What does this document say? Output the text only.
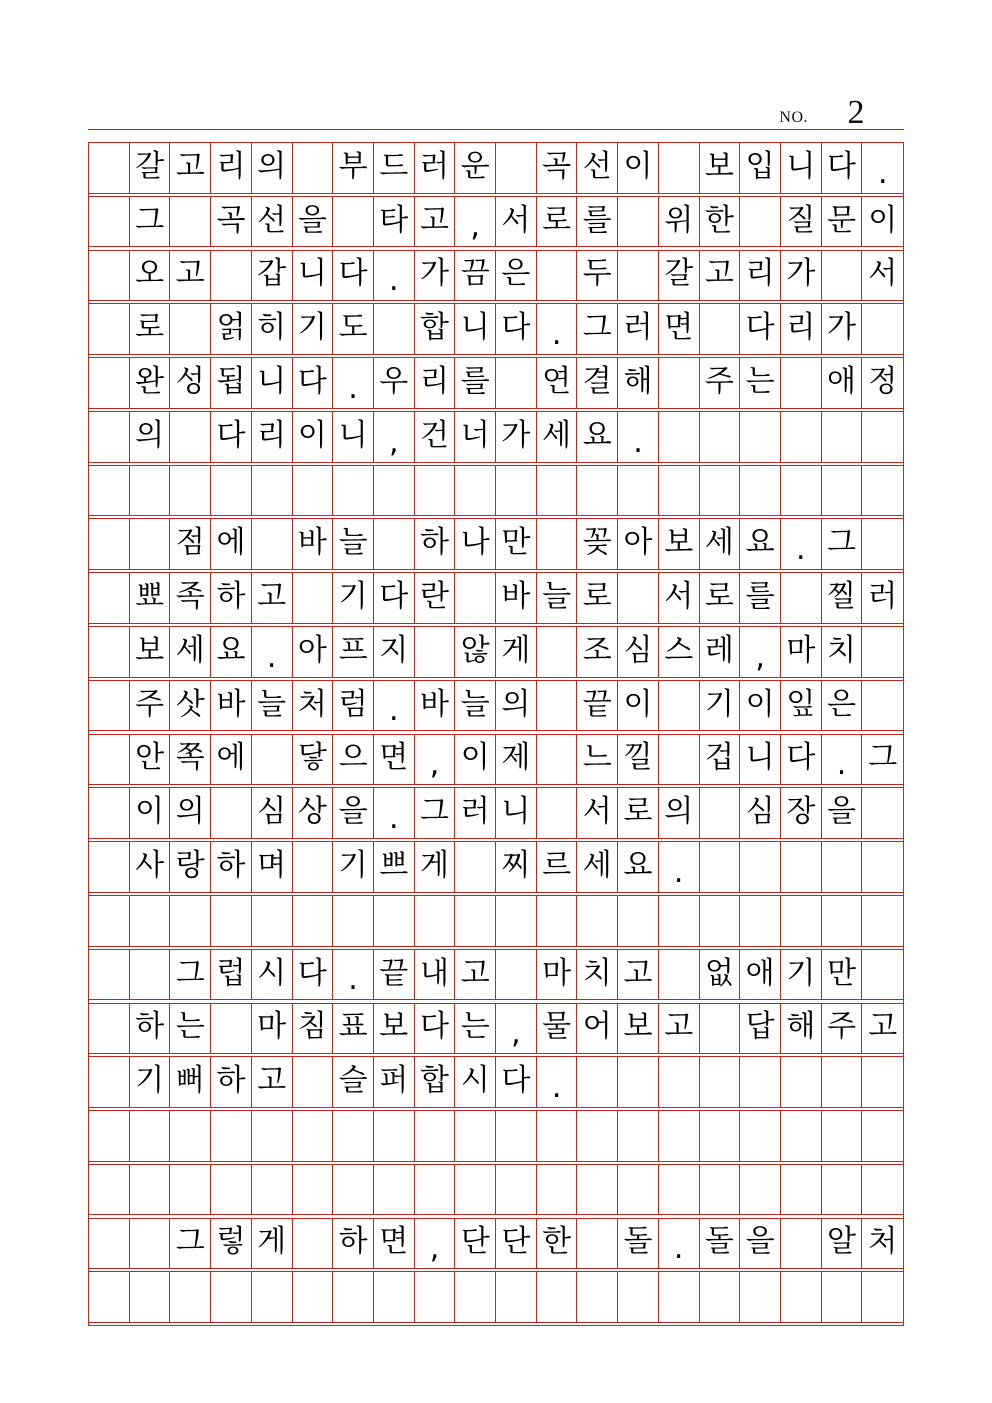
NO.	2
갈 고 리 의 부 드 러 운 곡 선 이 보 입 니 다 .
그 곡 선 을 타 고 , 서 로 를 위 한 질 문 이
오 고 갑 니 다 . 가 끔 은 두 갈 고 리 가 서
로 얽 히 기 도 합 니 다 . 그 러 면 다 리 가
완 성 됩 니 다 . 우 리 를 연 결 해 주 는 애 정
의 다 리 이 니 , 건 너 가 세 요 .
점 에 바 늘 하 나 만 꽂 아 보 세 요 . 그
뾰 족 하 고 기 다 란 바 늘 로 서 로 를 찔 러
보 세 요 . 아 프 지 않 게 조 심 스 레 , 마 치
주 삿 바 늘 처 럼 . 바 늘 의 끝 이 기 이 잎 은
안 쪽 에 닿 으 면 , 이 제 느 낄 겁 니 다 . 그
이 의 심 상 을 . 그 러 니 서 로 의 심 장 을
사 랑 하 며 기 쁘 게 찌 르 세 요 .
그 럽 시 다 . 끝 내 고 마 치 고 없 애 기 만
하 는 마 침 표 보 다 는 , 물 어 보 고 답 해 주 고
기 뻐 하 고 슬 퍼 합 시 다 .
그 렇 게 하 면 , 단 단 한 돌 . 돌 을 알 처
